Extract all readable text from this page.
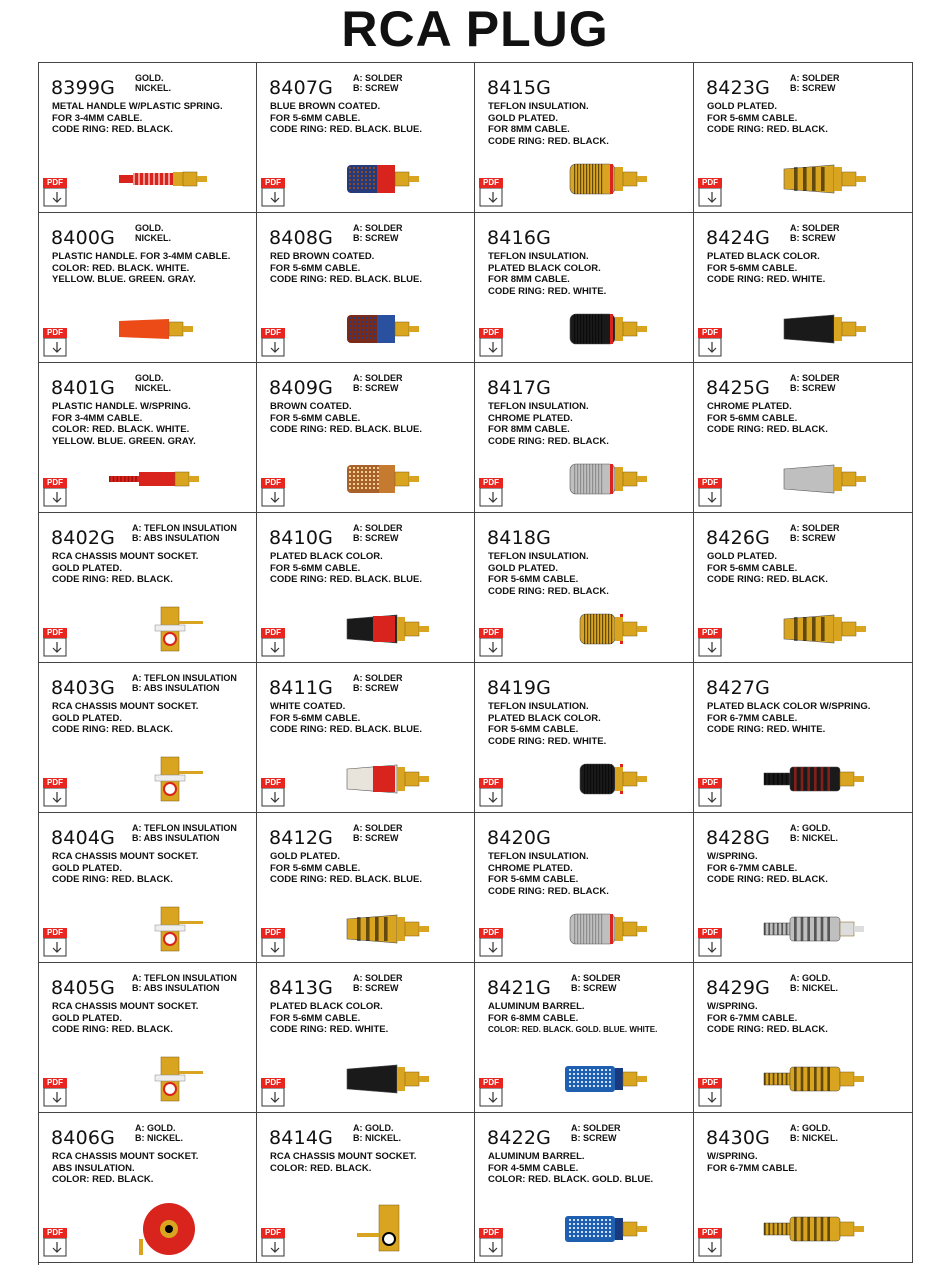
RCA PLUG
8399G GOLD.
NICKEL.
METAL HANDLE W/PLASTIC SPRING.
FOR 3-4MM CABLE.
CODE RING: RED. BLACK.
PDF
8407G A: SOLDER
B: SCREW
BLUE BROWN COATED.
FOR 5-6MM CABLE.
CODE RING: RED. BLACK. BLUE.
PDF
8415G
TEFLON INSULATION.
GOLD PLATED.
FOR 8MM CABLE.
CODE RING: RED. BLACK.
PDF
8423G A: SOLDER
B: SCREW
GOLD PLATED.
FOR 5-6MM CABLE.
CODE RING: RED. BLACK.
PDF
8400G GOLD.
NICKEL.
PLASTIC HANDLE. FOR 3-4MM CABLE.
COLOR: RED. BLACK. WHITE.
YELLOW. BLUE. GREEN. GRAY.
PDF
8408G A: SOLDER
B: SCREW
RED BROWN COATED.
FOR 5-6MM CABLE.
CODE RING: RED. BLACK. BLUE.
PDF
8416G
TEFLON INSULATION.
PLATED BLACK COLOR.
FOR 8MM CABLE.
CODE RING: RED. WHITE.
PDF
8424G A: SOLDER
B: SCREW
PLATED BLACK COLOR.
FOR 5-6MM CABLE.
CODE RING: RED. WHITE.
PDF
8401G GOLD.
NICKEL.
PLASTIC HANDLE. W/SPRING.
FOR 3-4MM CABLE.
COLOR: RED. BLACK. WHITE.
YELLOW. BLUE. GREEN. GRAY.
PDF
8409G A: SOLDER
B: SCREW
BROWN COATED.
FOR 5-6MM CABLE.
CODE RING: RED. BLACK. BLUE.
PDF
8417G
TEFLON INSULATION.
CHROME PLATED.
FOR 8MM CABLE.
CODE RING: RED. BLACK.
PDF
8425G A: SOLDER
B: SCREW
CHROME PLATED.
FOR 5-6MM CABLE.
CODE RING: RED. BLACK.
PDF
8402G A: TEFLON INSULATION
B: ABS INSULATION
RCA CHASSIS MOUNT SOCKET.
GOLD PLATED.
CODE RING: RED. BLACK.
PDF
8410G A: SOLDER
B: SCREW
PLATED BLACK COLOR.
FOR 5-6MM CABLE.
CODE RING: RED. BLACK. BLUE.
PDF
8418G
TEFLON INSULATION.
GOLD PLATED.
FOR 5-6MM CABLE.
CODE RING: RED. BLACK.
PDF
8426G A: SOLDER
B: SCREW
GOLD PLATED.
FOR 5-6MM CABLE.
CODE RING: RED. BLACK.
PDF
8403G A: TEFLON INSULATION
B: ABS INSULATION
RCA CHASSIS MOUNT SOCKET.
GOLD PLATED.
CODE RING: RED. BLACK.
PDF
8411G A: SOLDER
B: SCREW
WHITE COATED.
FOR 5-6MM CABLE.
CODE RING: RED. BLACK. BLUE.
PDF
8419G
TEFLON INSULATION.
PLATED BLACK COLOR.
FOR 5-6MM CABLE.
CODE RING: RED. WHITE.
PDF
8427G
PLATED BLACK COLOR W/SPRING.
FOR 6-7MM CABLE.
CODE RING: RED. WHITE.
PDF
8404G A: TEFLON INSULATION
B: ABS INSULATION
RCA CHASSIS MOUNT SOCKET.
GOLD PLATED.
CODE RING: RED. BLACK.
PDF
8412G A: SOLDER
B: SCREW
GOLD PLATED.
FOR 5-6MM CABLE.
CODE RING: RED. BLACK. BLUE.
PDF
8420G
TEFLON INSULATION.
CHROME PLATED.
FOR 5-6MM CABLE.
CODE RING: RED. BLACK.
PDF
8428G A: GOLD.
B: NICKEL.
W/SPRING.
FOR 6-7MM CABLE.
CODE RING: RED. BLACK.
PDF
8405G A: TEFLON INSULATION
B: ABS INSULATION
RCA CHASSIS MOUNT SOCKET.
GOLD PLATED.
CODE RING: RED. BLACK.
PDF
8413G A: SOLDER
B: SCREW
PLATED BLACK COLOR.
FOR 5-6MM CABLE.
CODE RING: RED. WHITE.
PDF
8421G A: SOLDER
B: SCREW
ALUMINUM BARREL.
FOR 6-8MM CABLE.
COLOR: RED. BLACK. GOLD. BLUE. WHITE.
PDF
8429G A: GOLD.
B: NICKEL.
W/SPRING.
FOR 6-7MM CABLE.
CODE RING: RED. BLACK.
PDF
8406G A: GOLD.
B: NICKEL.
RCA CHASSIS MOUNT SOCKET.
ABS INSULATION.
COLOR: RED. BLACK.
PDF
8414G A: GOLD.
B: NICKEL.
RCA CHASSIS MOUNT SOCKET.
COLOR: RED. BLACK.
PDF
8422G A: SOLDER
B: SCREW
ALUMINUM BARREL.
FOR 4-5MM CABLE.
COLOR: RED. BLACK. GOLD. BLUE.
PDF
8430G A: GOLD.
B: NICKEL.
W/SPRING.
FOR 6-7MM CABLE.
PDF
